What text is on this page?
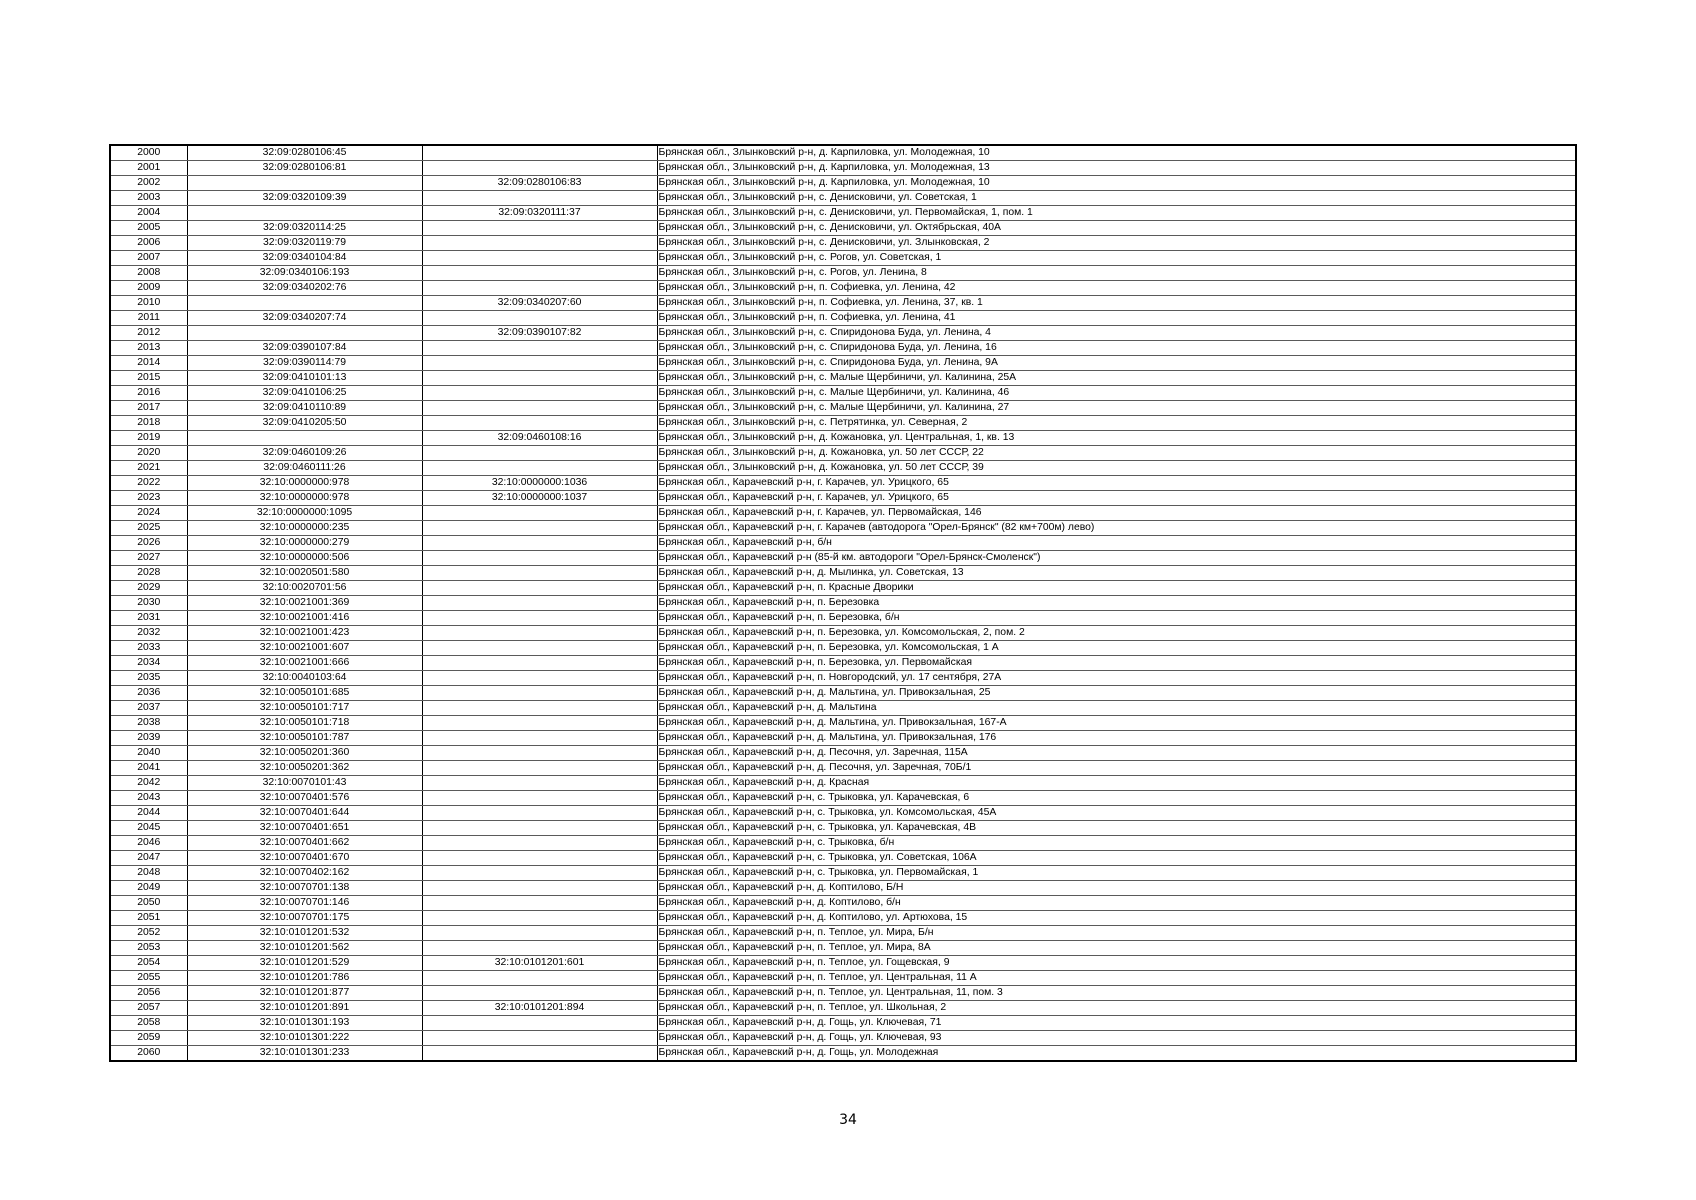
2000	32:09:0280106:45		Брянская обл., Злынковский р-н, д. Карпиловка, ул. Молодежная, 10
2001	32:09:0280106:81		Брянская обл., Злынковский р-н, д. Карпиловка, ул. Молодежная, 13
2002		32:09:0280106:83	Брянская обл., Злынковский р-н, д. Карпиловка, ул. Молодежная, 10
2003	32:09:0320109:39		Брянская обл., Злынковский р-н, с. Денисковичи, ул. Советская, 1
2004		32:09:0320111:37	Брянская обл., Злынковский р-н, с. Денисковичи, ул. Первомайская, 1, пом. 1
2005	32:09:0320114:25		Брянская обл., Злынковский р-н, с. Денисковичи, ул. Октябрьская, 40А
2006	32:09:0320119:79		Брянская обл., Злынковский р-н, с. Денисковичи, ул. Злынковская, 2
2007	32:09:0340104:84		Брянская обл., Злынковский р-н, с. Рогов, ул. Советская, 1
2008	32:09:0340106:193		Брянская обл., Злынковский р-н, с. Рогов, ул. Ленина, 8
2009	32:09:0340202:76		Брянская обл., Злынковский р-н, п. Софиевка, ул. Ленина, 42
2010		32:09:0340207:60	Брянская обл., Злынковский р-н, п. Софиевка, ул. Ленина, 37, кв. 1
2011	32:09:0340207:74		Брянская обл., Злынковский р-н, п. Софиевка, ул. Ленина, 41
2012		32:09:0390107:82	Брянская обл., Злынковский р-н, с. Спиридонова Буда, ул. Ленина, 4
2013	32:09:0390107:84		Брянская обл., Злынковский р-н, с. Спиридонова Буда, ул. Ленина, 16
2014	32:09:0390114:79		Брянская обл., Злынковский р-н, с. Спиридонова Буда, ул. Ленина, 9А
2015	32:09:0410101:13		Брянская обл., Злынковский р-н, с. Малые Щербиничи, ул. Калинина, 25А
2016	32:09:0410106:25		Брянская обл., Злынковский р-н, с. Малые Щербиничи, ул. Калинина, 46
2017	32:09:0410110:89		Брянская обл., Злынковский р-н, с. Малые Щербиничи, ул. Калинина, 27
2018	32:09:0410205:50		Брянская обл., Злынковский р-н, с. Петрятинка, ул. Северная, 2
2019		32:09:0460108:16	Брянская обл., Злынковский р-н, д. Кожановка, ул. Центральная, 1, кв. 13
2020	32:09:0460109:26		Брянская обл., Злынковский р-н, д. Кожановка, ул. 50 лет СССР, 22
2021	32:09:0460111:26		Брянская обл., Злынковский р-н, д. Кожановка, ул. 50 лет СССР, 39
2022	32:10:0000000:978	32:10:0000000:1036	Брянская обл., Карачевский р-н, г. Карачев, ул. Урицкого, 65
2023	32:10:0000000:978	32:10:0000000:1037	Брянская обл., Карачевский р-н, г. Карачев, ул. Урицкого, 65
2024	32:10:0000000:1095		Брянская обл., Карачевский р-н, г. Карачев, ул. Первомайская, 146
2025	32:10:0000000:235		Брянская обл., Карачевский р-н, г. Карачев (автодорога "Орел-Брянск" (82 км+700м) лево)
2026	32:10:0000000:279		Брянская обл., Карачевский р-н, б/н
2027	32:10:0000000:506		Брянская обл., Карачевский р-н (85-й км. автодороги "Орел-Брянск-Смоленск")
2028	32:10:0020501:580		Брянская обл., Карачевский р-н, д. Мылинка, ул. Советская, 13
2029	32:10:0020701:56		Брянская обл., Карачевский р-н, п. Красные Дворики
2030	32:10:0021001:369		Брянская обл., Карачевский р-н, п. Березовка
2031	32:10:0021001:416		Брянская обл., Карачевский р-н, п. Березовка, б/н
2032	32:10:0021001:423		Брянская обл., Карачевский р-н, п. Березовка, ул. Комсомольская, 2, пом. 2
2033	32:10:0021001:607		Брянская обл., Карачевский р-н, п. Березовка, ул. Комсомольская, 1 А
2034	32:10:0021001:666		Брянская обл., Карачевский р-н, п. Березовка, ул. Первомайская
2035	32:10:0040103:64		Брянская обл., Карачевский р-н, п. Новгородский, ул. 17 сентября, 27А
2036	32:10:0050101:685		Брянская обл., Карачевский р-н, д. Мальтина, ул. Привокзальная, 25
2037	32:10:0050101:717		Брянская обл., Карачевский р-н, д. Мальтина
2038	32:10:0050101:718		Брянская обл., Карачевский р-н, д. Мальтина, ул. Привокзальная, 167-А
2039	32:10:0050101:787		Брянская обл., Карачевский р-н, д. Мальтина, ул. Привокзальная, 176
2040	32:10:0050201:360		Брянская обл., Карачевский р-н, д. Песочня, ул. Заречная, 115А
2041	32:10:0050201:362		Брянская обл., Карачевский р-н, д. Песочня, ул. Заречная, 70Б/1
2042	32:10:0070101:43		Брянская обл., Карачевский р-н, д. Красная
2043	32:10:0070401:576		Брянская обл., Карачевский р-н, с. Трыковка, ул. Карачевская, 6
2044	32:10:0070401:644		Брянская обл., Карачевский р-н, с. Трыковка, ул. Комсомольская, 45А
2045	32:10:0070401:651		Брянская обл., Карачевский р-н, с. Трыковка, ул. Карачевская, 4В
2046	32:10:0070401:662		Брянская обл., Карачевский р-н, с. Трыковка, б/н
2047	32:10:0070401:670		Брянская обл., Карачевский р-н, с. Трыковка, ул. Советская, 106А
2048	32:10:0070402:162		Брянская обл., Карачевский р-н, с. Трыковка, ул. Первомайская, 1
2049	32:10:0070701:138		Брянская обл., Карачевский р-н, д. Коптилово, Б/Н
2050	32:10:0070701:146		Брянская обл., Карачевский р-н, д. Коптилово, б/н
2051	32:10:0070701:175		Брянская обл., Карачевский р-н, д. Коптилово, ул. Артюхова, 15
2052	32:10:0101201:532		Брянская обл., Карачевский р-н, п. Теплое, ул. Мира, Б/н
2053	32:10:0101201:562		Брянская обл., Карачевский р-н, п. Теплое, ул. Мира, 8А
2054	32:10:0101201:529	32:10:0101201:601	Брянская обл., Карачевский р-н, п. Теплое, ул. Гощевская, 9
2055	32:10:0101201:786		Брянская обл., Карачевский р-н, п. Теплое, ул. Центральная, 11 А
2056	32:10:0101201:877		Брянская обл., Карачевский р-н, п. Теплое, ул. Центральная, 11, пом. 3
2057	32:10:0101201:891	32:10:0101201:894	Брянская обл., Карачевский р-н, п. Теплое, ул. Школьная, 2
2058	32:10:0101301:193		Брянская обл., Карачевский р-н, д. Гощь, ул. Ключевая, 71
2059	32:10:0101301:222		Брянская обл., Карачевский р-н, д. Гощь, ул. Ключевая, 93
2060	32:10:0101301:233		Брянская обл., Карачевский р-н, д. Гощь, ул. Молодежная
34
